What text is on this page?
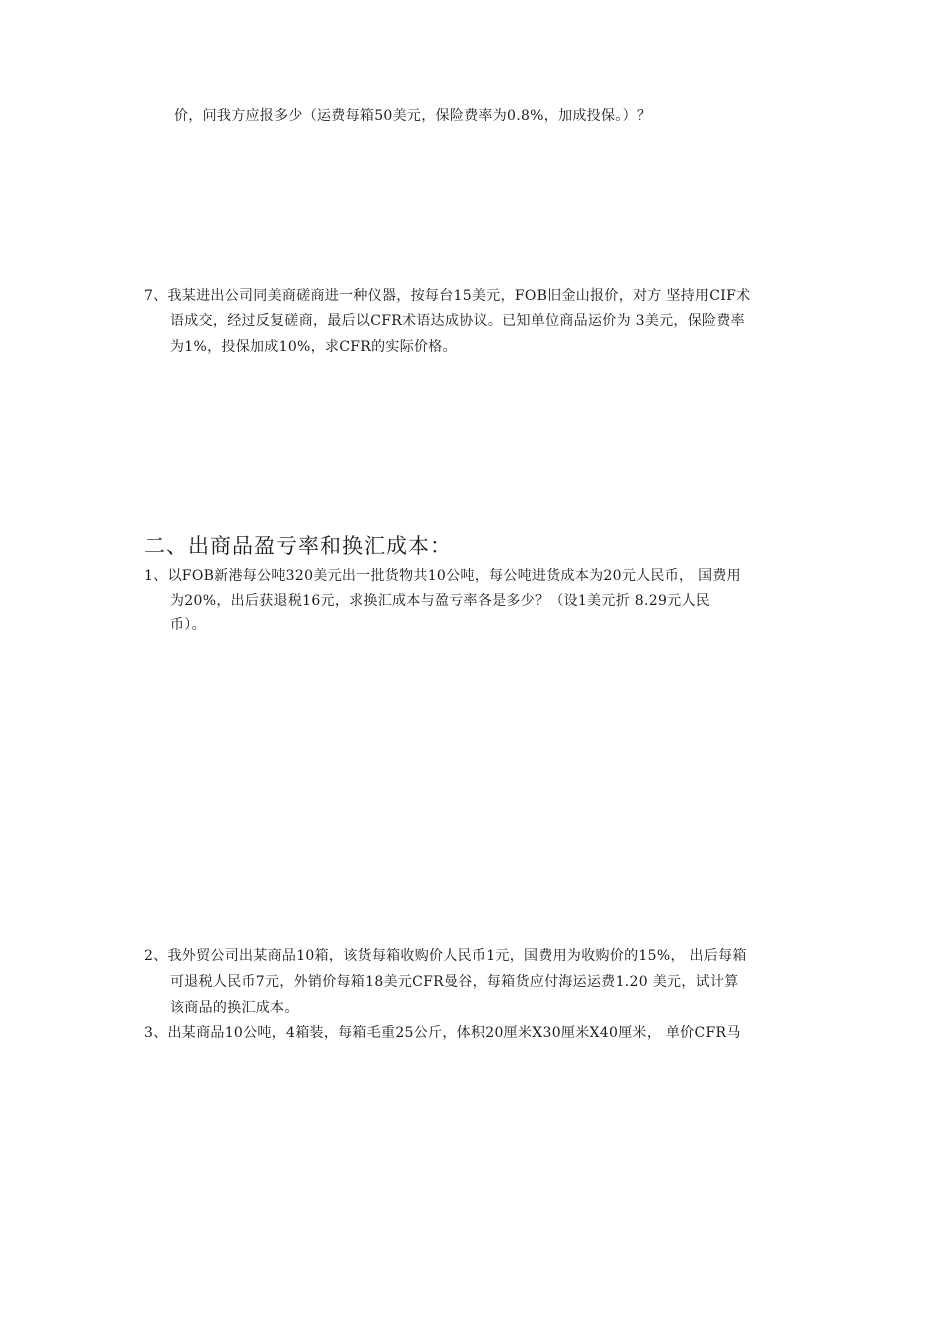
价，问我方应报多少（运费每箱50美元，保险费率为0.8%，加成投保。）？
7、我某进出公司同美商磋商进一种仪器，按每台15美元，FOB旧金山报价，对方 坚持用CIF术
语成交，经过反复磋商，最后以CFR术语达成协议。已知单位商品运价为 3美元，保险费率
为1%，投保加成10%，求CFR的实际价格。
二、出商品盈亏率和换汇成本：
1、以FOB新港每公吨320美元出一批货物共10公吨，每公吨进货成本为20元人民币， 国费用
为20%，出后获退税16元，求换汇成本与盈亏率各是多少？（设1美元折 8.29元人民
币）。
2、我外贸公司出某商品10箱，该货每箱收购价人民币1元，国费用为收购价的15%， 出后每箱
可退税人民币7元，外销价每箱18美元CFR曼谷，每箱货应付海运运费1.20 美元，试计算
该商品的换汇成本。
3、出某商品10公吨，4箱装，每箱毛重25公斤，体积20厘米X30厘米X40厘米， 单价CFR马
